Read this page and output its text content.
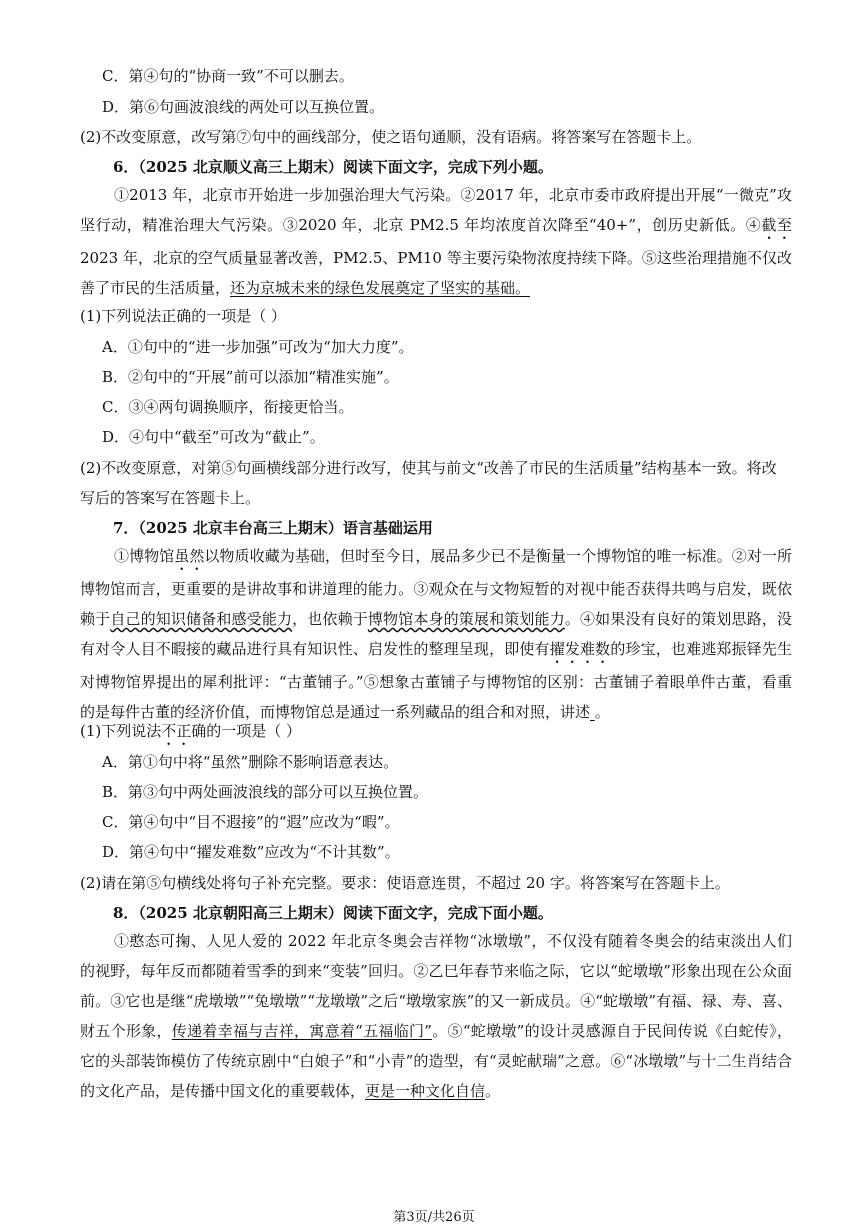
C．第④句的“协商一致”不可以删去。
D．第⑥句画波浪线的两处可以互换位置。
(2)不改变原意，改写第⑦句中的画线部分，使之语句通顺，没有语病。将答案写在答题卡上。
6．（2025 北京顺义高三上期末）阅读下面文字，完成下列小题。
①2013 年，北京市开始进一步加强治理大气污染。②2017 年，北京市委市政府提出开展“一微克”攻坚行动，精准治理大气污染。③2020 年，北京 PM2.5 年均浓度首次降至“40+”，创历史新低。④截至 2023 年，北京的空气质量显著改善，PM2.5、PM10 等主要污染物浓度持续下降。⑤这些治理措施不仅改善了市民的生活质量，还为京城未来的绿色发展奠定了坚实的基础。
(1)下列说法正确的一项是（ ）
A．①句中的“进一步加强”可改为“加大力度”。
B．②句中的“开展”前可以添加“精准实施”。
C．③④两句调换顺序，衔接更恰当。
D．④句中“截至”可改为“截止”。
(2)不改变原意，对第⑤句画横线部分进行改写，使其与前文“改善了市民的生活质量”结构基本一致。将改
写后的答案写在答题卡上。
7．（2025 北京丰台高三上期末）语言基础运用
①博物馆虽然以物质收藏为基础，但时至今日，展品多少已不是衡量一个博物馆的唯一标准。②对一所博物馆而言，更重要的是讲故事和讲道理的能力。③观众在与文物短暂的对视中能否获得共鸣与启发，既依赖于自己的知识储备和感受能力，也依赖于博物馆本身的策展和策划能力。④如果没有良好的策划思路，没有对令人目不暇接的藏品进行具有知识性、启发性的整理呈现，即使有擢发难数的珍宝，也难逃郑振铎先生对博物馆界提出的犀利批评：“古董铺子。”⑤想象古董铺子与博物馆的区别：古董铺子着眼单件古董，看重的是每件古董的经济价值，而博物馆总是通过一系列藏品的组合和对照，讲述 。
(1)下列说法不正确的一项是（ ）
A．第①句中将“虽然”删除不影响语意表达。
B．第③句中两处画波浪线的部分可以互换位置。
C．第④句中“目不遐接”的“遐”应改为“暇”。
D．第④句中“擢发难数”应改为“不计其数”。
(2)请在第⑤句横线处将句子补充完整。要求：使语意连贯，不超过 20 字。将答案写在答题卡上。
8．（2025 北京朝阳高三上期末）阅读下面文字，完成下面小题。
①憨态可掬、人见人爱的 2022 年北京冬奥会吉祥物“冰墩墩”，不仅没有随着冬奥会的结束淡出人们的视野，每年反而都随着雪季的到来“变装”回归。②乙巳年春节来临之际，它以“蛇墩墩”形象出现在公众面前。③它也是继“虎墩墩”“兔墩墩”“龙墩墩”之后“墩墩家族”的又一新成员。④“蛇墩墩”有福、禄、寿、喜、财五个形象，传递着幸福与吉祥，寓意着“五福临门”。⑤“蛇墩墩”的设计灵感源自于民间传说《白蛇传》，它的头部装饰模仿了传统京剧中“白娘子”和“小青”的造型，有“灵蛇献瑞”之意。⑥“冰墩墩”与十二生肖结合的文化产品，是传播中国文化的重要载体，更是一种文化自信。
第3页/共26页
